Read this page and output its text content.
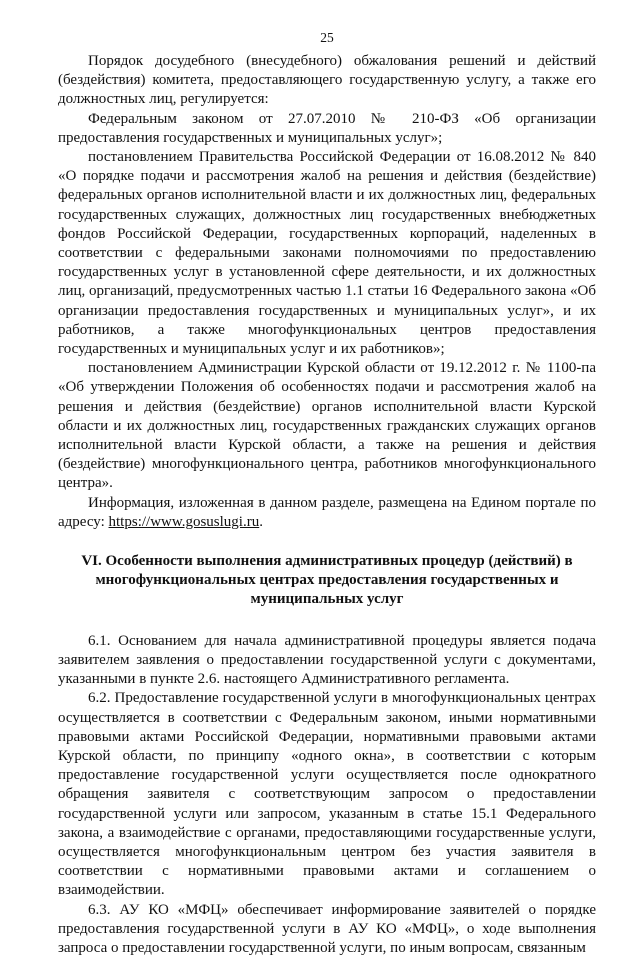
25

Порядок досудебного (внесудебного) обжалования решений и действий (бездействия) комитета, предоставляющего государственную услугу, а также его должностных лиц, регулируется:

Федеральным законом от 27.07.2010 № 210-ФЗ «Об организации предоставления государственных и муниципальных услуг»;

постановлением Правительства Российской Федерации от 16.08.2012 № 840 «О порядке подачи и рассмотрения жалоб на решения и действия (бездействие) федеральных органов исполнительной власти и их должностных лиц, федеральных государственных служащих, должностных лиц государственных внебюджетных фондов Российской Федерации, государственных корпораций, наделенных в соответствии с федеральными законами полномочиями по предоставлению государственных услуг в установленной сфере деятельности, и их должностных лиц, организаций, предусмотренных частью 1.1 статьи 16 Федерального закона «Об организации предоставления государственных и муниципальных услуг», и их работников, а также многофункциональных центров предоставления государственных и муниципальных услуг и их работников»;

постановлением Администрации Курской области от 19.12.2012 г. № 1100-па «Об утверждении Положения об особенностях подачи и рассмотрения жалоб на решения и действия (бездействие) органов исполнительной власти Курской области и их должностных лиц, государственных гражданских служащих органов исполнительной власти Курской области, а также на решения и действия (бездействие) многофункционального центра, работников многофункционального центра».

Информация, изложенная в данном разделе, размещена на Едином портале по адресу: https://www.gosuslugi.ru.

VI. Особенности выполнения административных процедур (действий) в многофункциональных центрах предоставления государственных и муниципальных услуг

6.1. Основанием для начала административной процедуры является подача заявителем заявления о предоставлении государственной услуги с документами, указанными в пункте 2.6. настоящего Административного регламента.

6.2. Предоставление государственной услуги в многофункциональных центрах осуществляется в соответствии с Федеральным законом, иными нормативными правовыми актами Российской Федерации, нормативными правовыми актами Курской области, по принципу «одного окна», в соответствии с которым предоставление государственной услуги осуществляется после однократного обращения заявителя с соответствующим запросом о предоставлении государственной услуги или запросом, указанным в статье 15.1 Федерального закона, а взаимодействие с органами, предоставляющими государственные услуги, осуществляется многофункциональным центром без участия заявителя в соответствии с нормативными правовыми актами и соглашением о взаимодействии.

6.3. АУ КО «МФЦ» обеспечивает информирование заявителей о порядке предоставления государственной услуги в АУ КО «МФЦ», о ходе выполнения запроса о предоставлении государственной услуги, по иным вопросам, связанным
